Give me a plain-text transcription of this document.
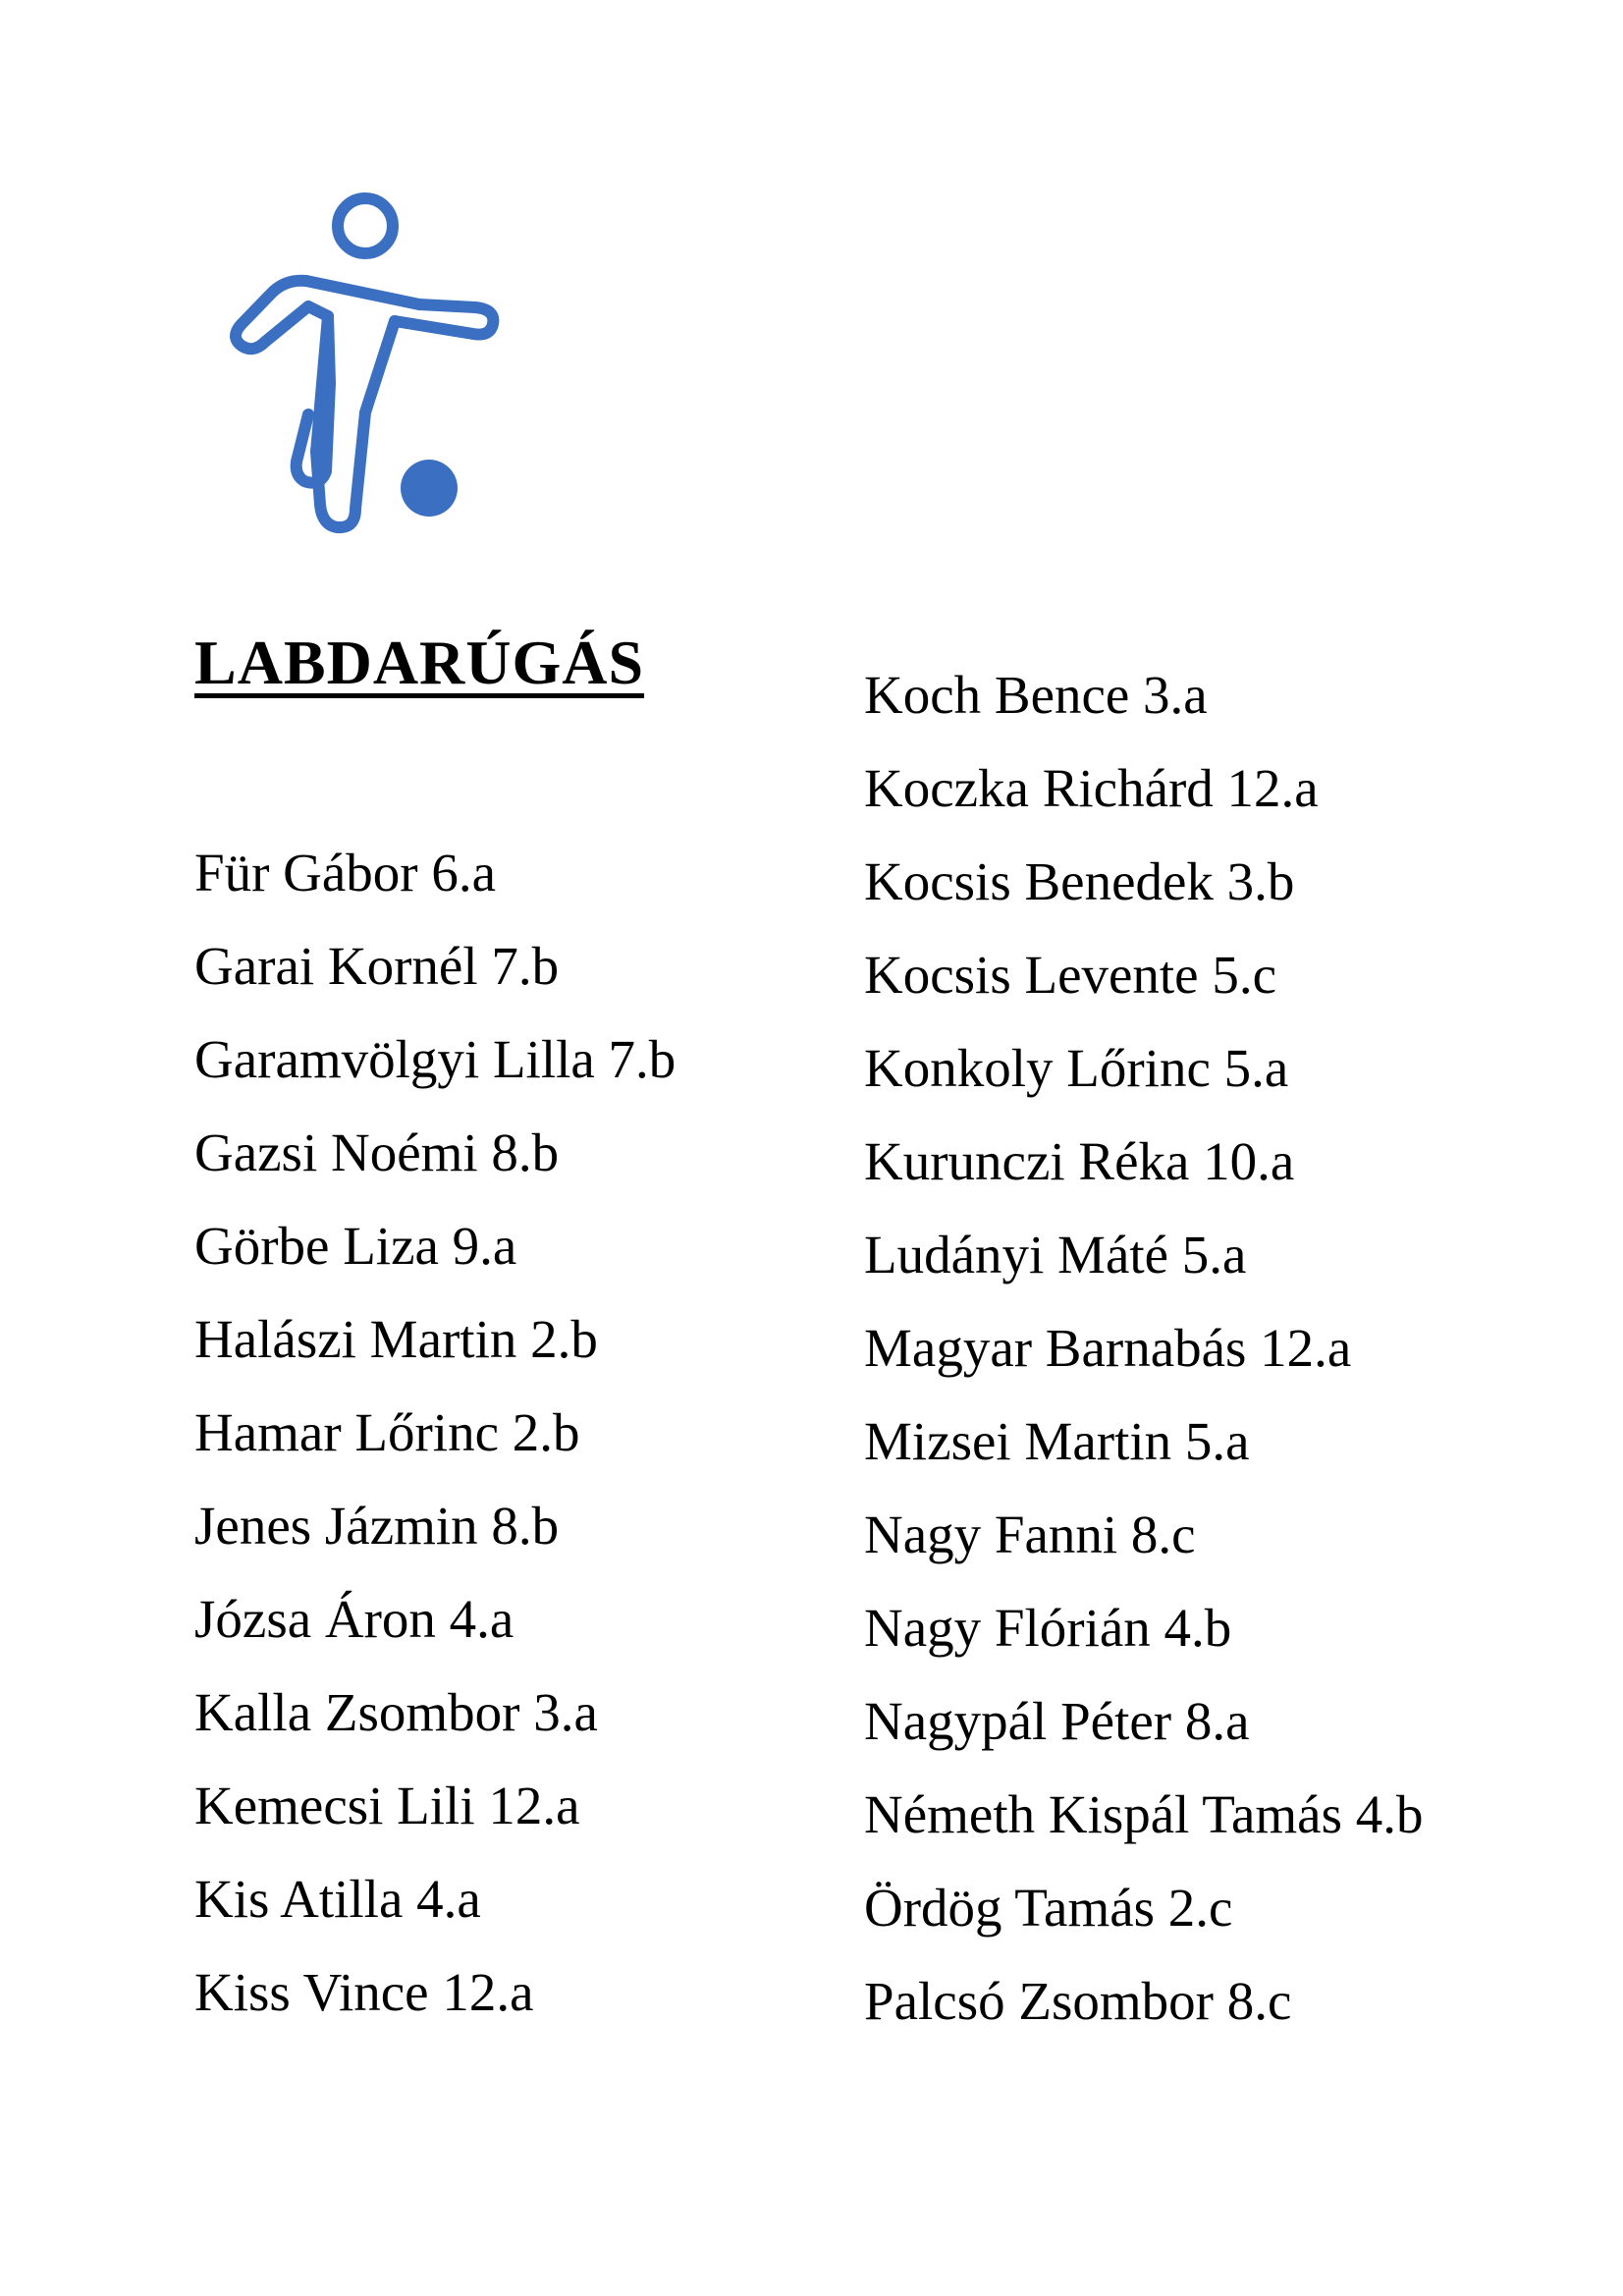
LABDARÚGÁS
Für Gábor 6.a
Garai Kornél 7.b
Garamvölgyi Lilla 7.b
Gazsi Noémi 8.b
Görbe Liza 9.a
Halászi Martin 2.b
Hamar Lőrinc 2.b
Jenes Jázmin 8.b
Józsa Áron 4.a
Kalla Zsombor 3.a
Kemecsi Lili 12.a
Kis Atilla 4.a
Kiss Vince 12.a
Koch Bence 3.a
Koczka Richárd 12.a
Kocsis Benedek 3.b
Kocsis Levente 5.c
Konkoly Lőrinc 5.a
Kurunczi Réka 10.a
Ludányi Máté 5.a
Magyar Barnabás 12.a
Mizsei Martin 5.a
Nagy Fanni 8.c
Nagy Flórián 4.b
Nagypál Péter 8.a
Németh Kispál Tamás 4.b
Ördög Tamás 2.c
Palcsó Zsombor 8.c
